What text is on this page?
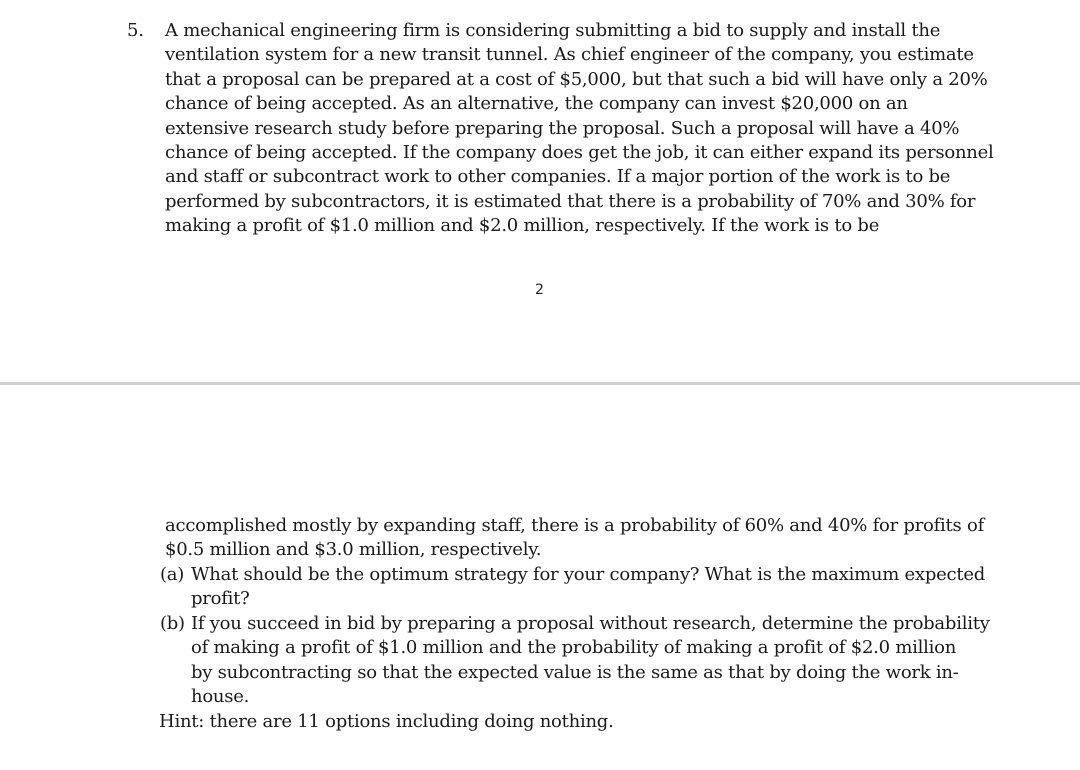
5. A mechanical engineering firm is considering submitting a bid to supply and install the
ventilation system for a new transit tunnel. As chief engineer of the company, you estimate
that a proposal can be prepared at a cost of $5,000, but that such a bid will have only a 20%
chance of being accepted. As an alternative, the company can invest $20,000 on an
extensive research study before preparing the proposal. Such a proposal will have a 40%
chance of being accepted. If the company does get the job, it can either expand its personnel
and staff or subcontract work to other companies. If a major portion of the work is to be
performed by subcontractors, it is estimated that there is a probability of 70% and 30% for
making a profit of $1.0 million and $2.0 million, respectively. If the work is to be
2
accomplished mostly by expanding staff, there is a probability of 60% and 40% for profits of
$0.5 million and $3.0 million, respectively.
(a) What should be the optimum strategy for your company? What is the maximum expected
profit?
(b) If you succeed in bid by preparing a proposal without research, determine the probability
of making a profit of $1.0 million and the probability of making a profit of $2.0 million
by subcontracting so that the expected value is the same as that by doing the work in-
house.
Hint: there are 11 options including doing nothing.
